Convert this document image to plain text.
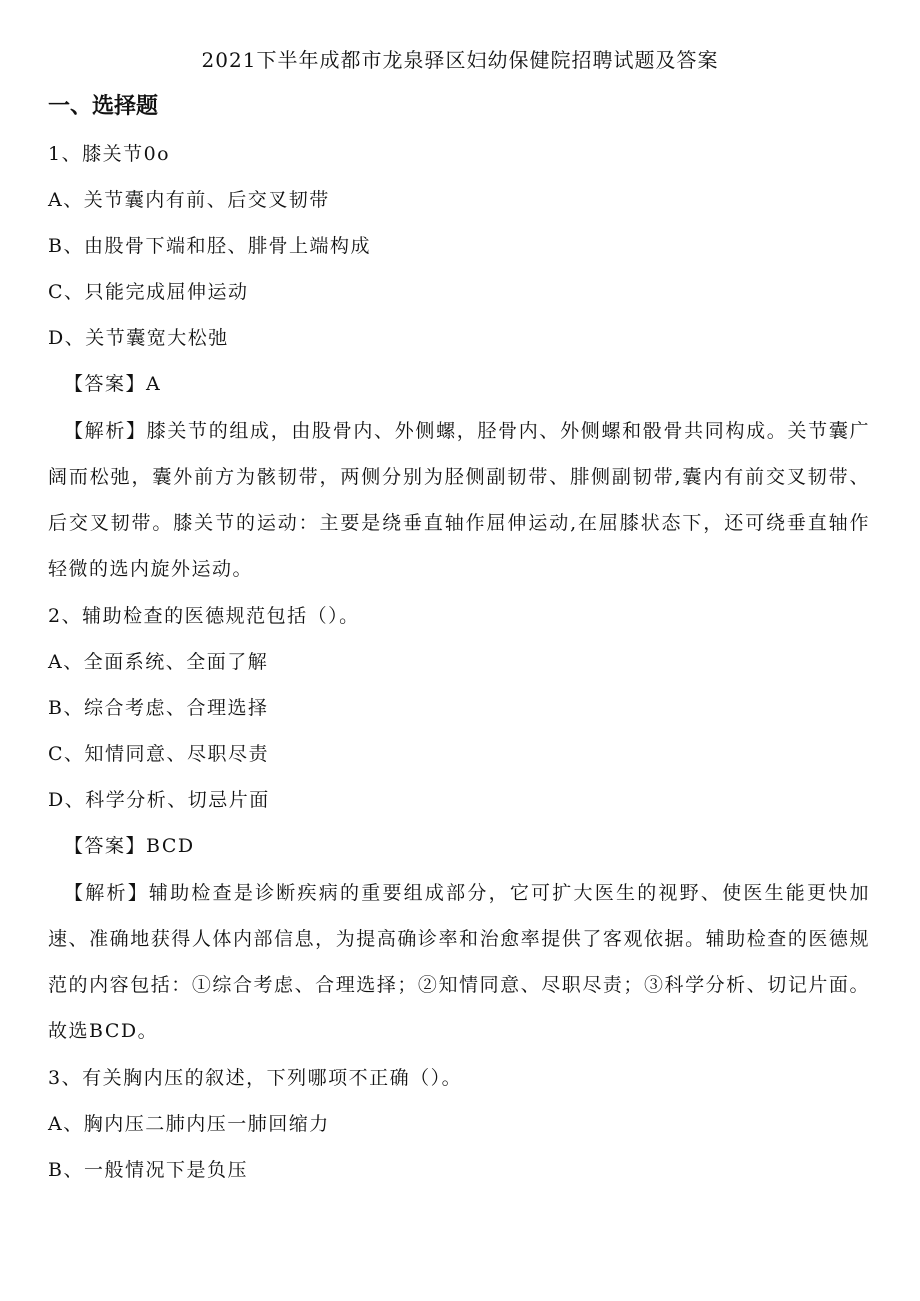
2021下半年成都市龙泉驿区妇幼保健院招聘试题及答案
一、选择题
1、膝关节0o
A、关节囊内有前、后交叉韧带
B、由股骨下端和胫、腓骨上端构成
C、只能完成屈伸运动
D、关节囊宽大松弛
【答案】A

【解析】膝关节的组成，由股骨内、外侧螺，胫骨内、外侧螺和骰骨共同构成。关节囊广阔而松弛，囊外前方为骸韧带，两侧分别为胫侧副韧带、腓侧副韧带,囊内有前交叉韧带、后交叉韧带。膝关节的运动：主要是绕垂直轴作屈伸运动,在屈膝状态下，还可绕垂直轴作轻微的选内旋外运动。

2、辅助检查的医德规范包括（）。
A、全面系统、全面了解
B、综合考虑、合理选择
C、知情同意、尽职尽责
D、科学分析、切忌片面
【答案】BCD

【解析】辅助检查是诊断疾病的重要组成部分，它可扩大医生的视野、使医生能更快加速、准确地获得人体内部信息，为提高确诊率和治愈率提供了客观依据。辅助检查的医德规范的内容包括：①综合考虑、合理选择；②知情同意、尽职尽责；③科学分析、切记片面。故选BCD。

3、有关胸内压的叙述，下列哪项不正确（）。
A、胸内压二肺内压一肺回缩力
B、一般情况下是负压
